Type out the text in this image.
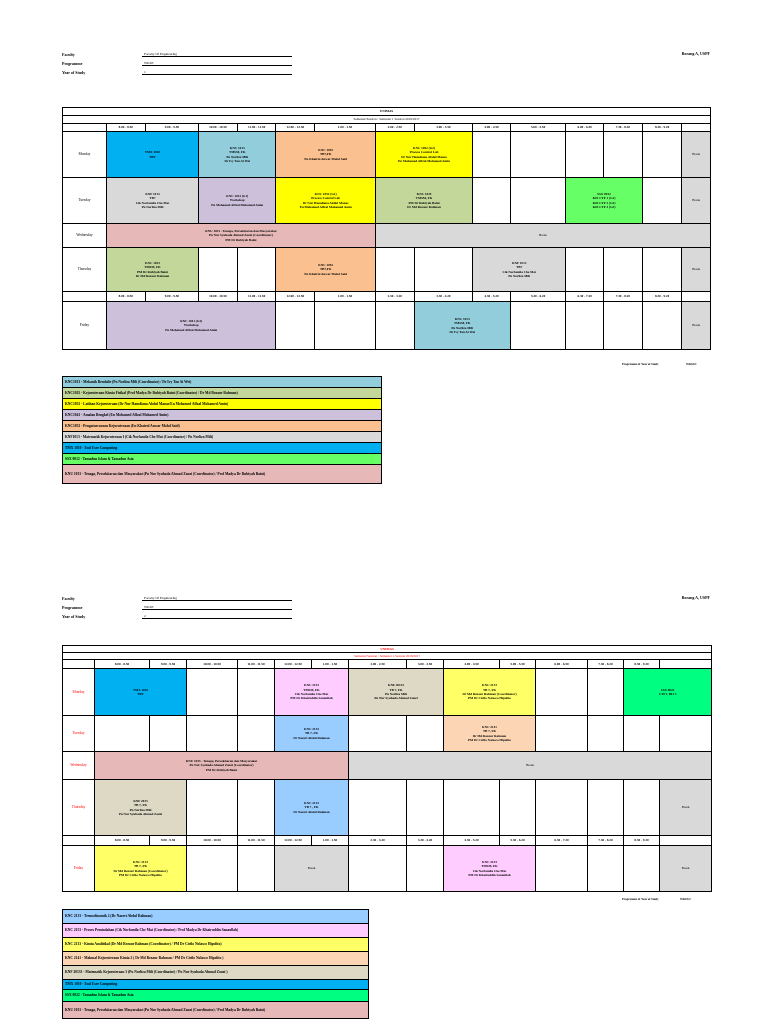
Faculty	Faculty Of Engineering
Programme	WK63
Year of Study	1
Borang A, USPF
UNIMAS														
Semester/Session : Semester 1 Session 2016/2017														
	8.00 - 8.50	9.00 - 9.50	10.00 - 10.50	11.00 - 11.50	12.00 - 12.50	1.00 - 1.50	2.00 - 2.50	3.00 - 3.50	4.00 - 4.50	5.00 - 5.50	6.00 - 6.50	7.30 - 8.20	8.30 - 9.20	
Monday	TMX 1010
TBT		KNC 1013
TMSM, FK
Pn Norliza Mili
Dr Ivy Tan Ai Wei		KNC 1052
TB7,FK
En Khairul Anwar Mohd Said		KNC 1052 (G2)
Process Control Lab
Dr Nur Hamdiana Abdul Manas
En Mohamed Affzal Mohamed Amin							Break
Tuesday	KNF 1013
TB7
Cik Norfamila Che Mat
Pn Norliza Mili		KNC 1041 (G1)
Workshop
En Mohamed Affzal Mohamed Amin		KNC 1052 (G1)
Process Control Lab
Dr Nur Hamdiana Abdul Manas
En Mohamed Affzal Mohamed Amin		KNC 1025
TMSM, FK
PM Dr Rubiyah Baini
Dr Md Rezaur Rahman				SSX 0012
K01 CTF 1 (G1)
K02 CTF 2 (G2)
K03 CTF 3 (G3)			Break
Wednesday	KNU 1033 - Tenaga, Persekitaran dan Masyarakat
Pn Nur Syuhada Ahmad Zauzi (Coordinator)
PM Dr Rubiyah Baini						Break							
Thursday	KNC 1025
TMSM, FK
PM Dr Rubiyah Baini
Dr Md Rezaur Rahman				KNC 1052
TB7,FK
En Khairul Anwar Mohd Said				KNF 1013
TB7
Cik Norfamila Che Mat
Pn Norliza Mili					Break
	8.00 - 8.50	9.00 - 9.50	10.00 - 10.50	11.00 - 11.50	12.00 - 12.50	1.00 - 1.50	2.30 - 3.20	3.30 - 4.20	4.30 - 5.20	5.30 - 6.20	6.30 - 7.20	7.30 - 8.20	8.30 - 9.20	
Friday	KNC 1041 (G2)
Workshop
En Mohamed Affzal Mohamed Amin							KNC 1013
TMSM, FK
Pn Norliza Mili
Dr Ivy Tan Ai Wei						Break
Programme & Year of Study	WK63/1
KNC1013 - Mekanik Bendalir (Pn Norliza Mili (Coordinator) / Dr Ivy Tan Ai Wei)
KNC1025 - Kejuruteraan Kimia Fisikal (Prof Madya Dr Rubiyah Baini (Coordinator) / Dr Md Rezaur Rahman)
KNC1052 - Latihan Kejuruteraan (Dr Nur Hamdiana Abdul Manas/En Mohamed Affzal Mohamed Amin)
KNC1041 - Amalan Bengkel (En Mohamed Affzal Mohamed Amin)
KNC1052 - Pengaturcaraan Kejuruteraan (En Khairul Anwar Mohd Said)
KNF1013 - Matematik Kejuruteraan I (Cik Norfamila Che Mat (Coordinator) / Pn Norliza Mili)
TMX 1010 - End User Computing
SSX 0012 - Tamadun Islam & Tamadun Asia
KNU 1033 - Tenaga, Persekitaran dan Masyarakat (Pn Nur Syuhada Ahmad Zauzi (Coordinator) / Prof Madya Dr Rubiyah Baini)
Faculty	Faculty Of Engineering
Programme	WK63
Year of Study	2
Borang A, USPF
UNIMAS															
Semester/Session : Semester 1 Session 2016/2017															
	8.00 - 8.50	9.00 - 9.50	10.00 - 10.50	11.00 - 11.50	12.00 - 12.50	1.00 - 1.50	2.00 - 2.50	3.00 - 3.50	4.00 - 4.50	5.00 - 5.50	6.00 - 6.50	7.30 - 8.20	8.30 - 9.20		
Monday	TMX 1010
TBT				KNC 2153
TMSM, FK
Cik Norfamila Che Mat
PM Dr Khairuddin Sanaullah		KNF 20133
TB 7, FK
Pn Norliza Mili
Pn Nur Syuhada Ahmad Zauzi		KNC 2133
TB 7, FK
Dr Md Rezaur Rahman (Coordinator)
PM Dr Cirilo Nolasco Hipolito				SSX 0022
CTF1, BIJ 3	
Tuesday					KNC 2133
TB 7, FK
Dr Nazeri Abdul Rahman				KNC 2141
TB 7, FK
Dr Md Rezaur Rahman
PM Dr Cirilo Nolasco Hipolito					
Wednesday	KNU 1033 - Tenaga, Persekitaran dan Masyarakat
Pn Nur Syuhada Ahmad Zauzi (Coordinator)
PM Dr Rubiyah Baini						Break								
Thursday	KNF 2033
TB 7, FK
Pn Norliza Mili
Pn Nur Syuhada Ahmad Zauzi				KNC 2133
TB 7 , FK
Dr Nazeri Abdul Rahman									Break	
	8.00 - 8.50	9.00 - 9.50	10.00 - 10.50	11.00 - 11.50	12.00 - 12.50	1.00 - 1.50	2.30 - 3.20	3.30 - 4.20	4.30 - 5.20	5.30 - 6.20	6.30 - 7.20	7.30 - 8.20	8.30 - 9.20		
Friday	KNC 2133
TB 7, FK
Dr Md Rezaur Rahman (Coordinator)
PM Dr Cirilo Nolasco Hipolito				Break				KNC 2153
TMSM, FK
Cik Norfamila Che Mat
PM Dr Khairuddin Sanaullah					Break	
Programme & Year of Study	WK63/2
KNC 2133 - Termodinamik 2 (Dr Nazeri Abdul Rahman)
KNC 2153 - Proses Pemindahan (Cik Norfamila Che Mat (Coordinator) / Prof Madya Dr Khairuddin Sanaullah)
KNC 2133 - Kimia Analitikal (Dr Md Rezaur Rahman (Coordinator) / PM Dr Cirilo Nolasco Hipolito)
KNC 2141 - Makmal Kejuruteraan Kimia 2 ( Dr Md Rezaur Rahman / PM Dr Cirilo Nolasco Hipolito )
KNF 20133 - Matematik Kejuruteraan 3 (Pn Norliza Mili (Coordinator) / Pn Nur Syuhada Ahmad Zauzi )
TMX 1010 - End User Computing
SSX 0022 - Tamadun Islam & Tamadun Asia
KNU 1033 - Tenaga, Persekitaran dan Masyarakat (Pn Nur Syuhada Ahmad Zauzi (Coordinator) / Prof Madya Dr Rubiyah Baini)
